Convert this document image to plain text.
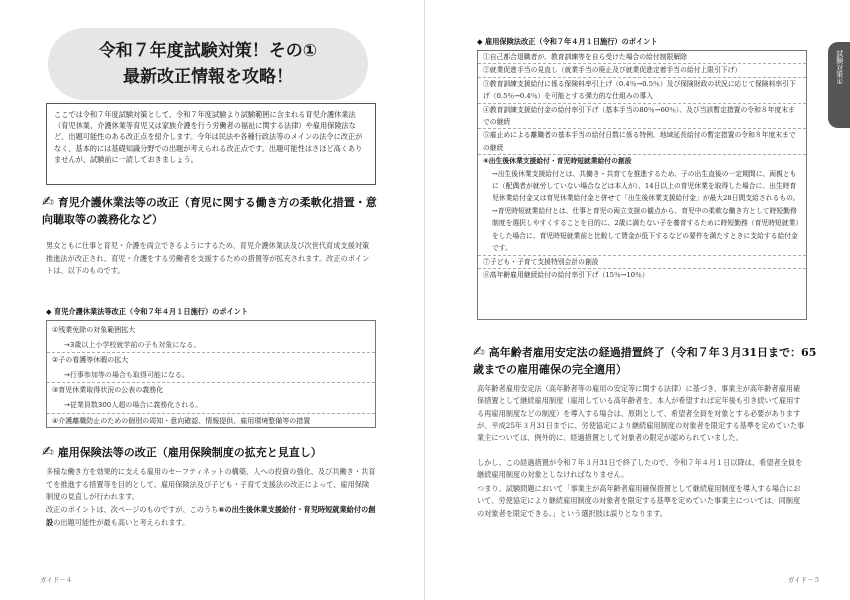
令和７年度試験対策！その①
最新改正情報を攻略！
ここでは令和７年度試験対策として、令和７年度試験より試験範囲に含まれる育児介護休業法（育児休業、介護休業等育児又は家族介護を行う労働者の福祉に関する法律）や雇用保険法など、出題可能性のある改正点を紹介します。今年は民法や各種行政法等のメインの法令に改正がなく、基本的には基礎知識分野での出題が考えられる改正点です。出題可能性はさほど高くありませんが、試験前に一読しておきましょう。
✍ 育児介護休業法等の改正（育児に関する働き方の柔軟化措置・意向聴取等の義務化など）
男女ともに仕事と育児・介護を両立できるようにするため、育児介護休業法及び次世代育成支援対策推進法が改正され、育児・介護をする労働者を支援するための措置等が拡充されます。改正のポイントは、以下のものです。
◆ 育児介護休業法等改正（令和７年４月１日施行）のポイント
①残業免除の対象範囲拡大
→3歳以上小学校就学前の子も対象になる。
②子の看護等休暇の拡大
→行事参加等の場合も取得可能になる。
③育児休業取得状況の公表の義務化
→従業員数300人超の場合に義務化される。
④介護離職防止のための個別の周知・意向確認、情報提供、雇用環境整備等の措置
✍ 雇用保険法等の改正（雇用保険制度の拡充と見直し）
多様な働き方を効果的に支える雇用のセーフティネットの構築、人への投資の強化、及び共働き・共育てを推進する措置等を目的として、雇用保険法及び子ども・子育て支援法の改正によって、雇用保険制度の見直しが行われます。
改正のポイントは、次ページのものですが、このうち⑥の出生後休業支援給付・育児時短就業給付の創設の出題可能性が最も高いと考えられます。
ガイド－４
試験対策①
◆ 雇用保険法改正（令和７年４月１日施行）のポイント
①自己都合退職者が、教育訓練等を自ら受けた場合の給付制限解除
②就業促進手当の見直し（就業手当の廃止及び就業促進定着手当の給付上限引下げ）
③教育訓練支援給付に係る保険料率引上げ（0.4％→0.5％）及び保険財政の状況に応じて保険料率引下げ（0.5％→0.4％）を可能とする弾力的な仕組みの導入
④教育訓練支援給付金の給付率引下げ（基本手当の80％→60％）、及び当該暫定措置の令和８年度末までの継続
⑤雇止めによる離職者の基本手当の給付日数に係る特例、地域延長給付の暫定措置の令和８年度末までの継続
⑥出生後休業支援給付・育児時短就業給付の創設
→出生後休業支援給付とは、共働き・共育てを推進するため、子の出生直後の一定期間に、両親ともに（配偶者が就労していない場合などは本人が）、14日以上の育児休業を取得した場合に、出生時育児休業給付金又は育児休業給付金と併せて「出生後休業支援給付金」が最大28日間支給されるもの。
→育児時短就業給付とは、仕事と育児の両立支援の観点から、育児中の柔軟な働き方として時短勤務制度を選択しやすくすることを目的に、2歳に満たない子を養育するために時短勤務（育児時短就業）をした場合に、育児時短就業前と比較して賃金が低下するなどの要件を満たすときに支給する給付金です。
⑦子ども・子育て支援特別会計の創設
⑧高年齢雇用継続給付の給付率引下げ（15％→10％）
✍ 高年齢者雇用安定法の経過措置終了（令和７年３月31日まで：65歳までの雇用確保の完全適用）
高年齢者雇用安定法（高年齢者等の雇用の安定等に関する法律）に基づき、事業主が高年齢者雇用確保措置として継続雇用制度（雇用している高年齢者を、本人が希望すれば定年後も引き続いて雇用する再雇用制度などの制度）を導入する場合は、原則として、希望者全員を対象とする必要がありますが、平成25年３月31日までに、労使協定により継続雇用制度の対象者を限定する基準を定めていた事業主については、例外的に、経過措置として対象者の限定が認められていました。
しかし、この経過措置が令和７年３月31日で終了したので、令和７年４月１日以降は、希望者全員を継続雇用制度の対象としなければなりません。
つまり、試験問題において「事業主が高年齢者雇用確保措置として継続雇用制度を導入する場合において、労使協定により継続雇用制度の対象者を限定する基準を定めていた事業主については、同制度の対象者を限定できる。」という選択肢は誤りとなります。
ガイド－５
